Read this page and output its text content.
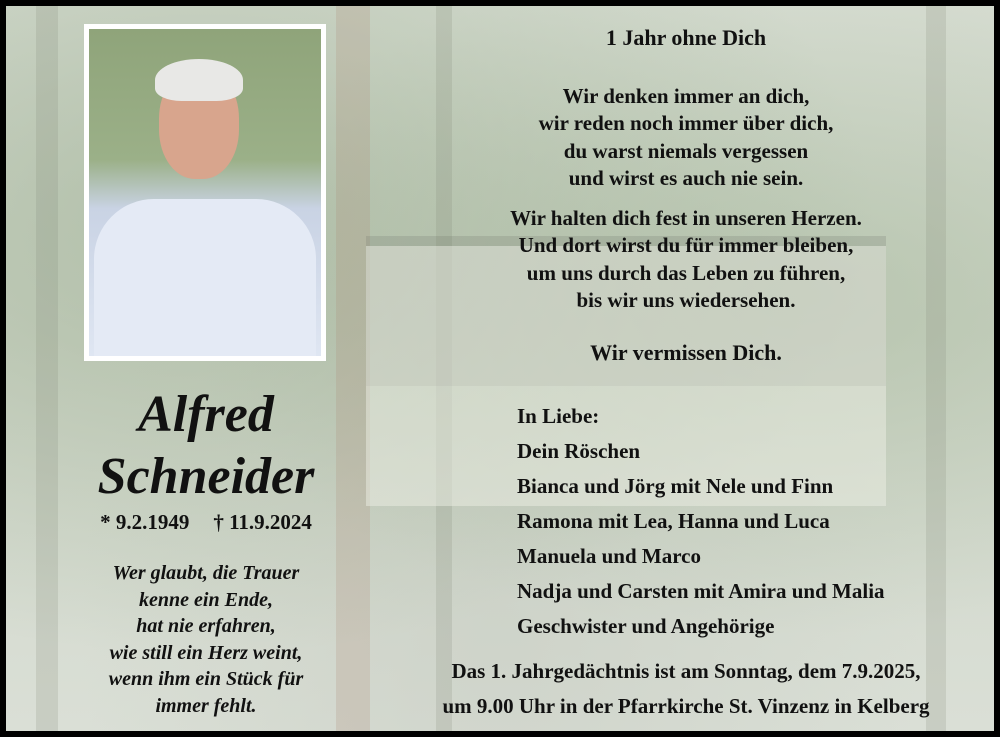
Alfred
Schneider
* 9.2.1949 † 11.9.2024
Wer glaubt, die Trauer
kenne ein Ende,
hat nie erfahren,
wie still ein Herz weint,
wenn ihm ein Stück für
immer fehlt.
1 Jahr ohne Dich
Wir denken immer an dich,
wir reden noch immer über dich,
du warst niemals vergessen
und wirst es auch nie sein.
Wir halten dich fest in unseren Herzen.
Und dort wirst du für immer bleiben,
um uns durch das Leben zu führen,
bis wir uns wiedersehen.
Wir vermissen Dich.
In Liebe:
Dein Röschen
Bianca und Jörg mit Nele und Finn
Ramona mit Lea, Hanna und Luca
Manuela und Marco
Nadja und Carsten mit Amira und Malia
Geschwister und Angehörige
Das 1. Jahrgedächtnis ist am Sonntag, dem 7.9.2025,
um 9.00 Uhr in der Pfarrkirche St. Vinzenz in Kelberg
